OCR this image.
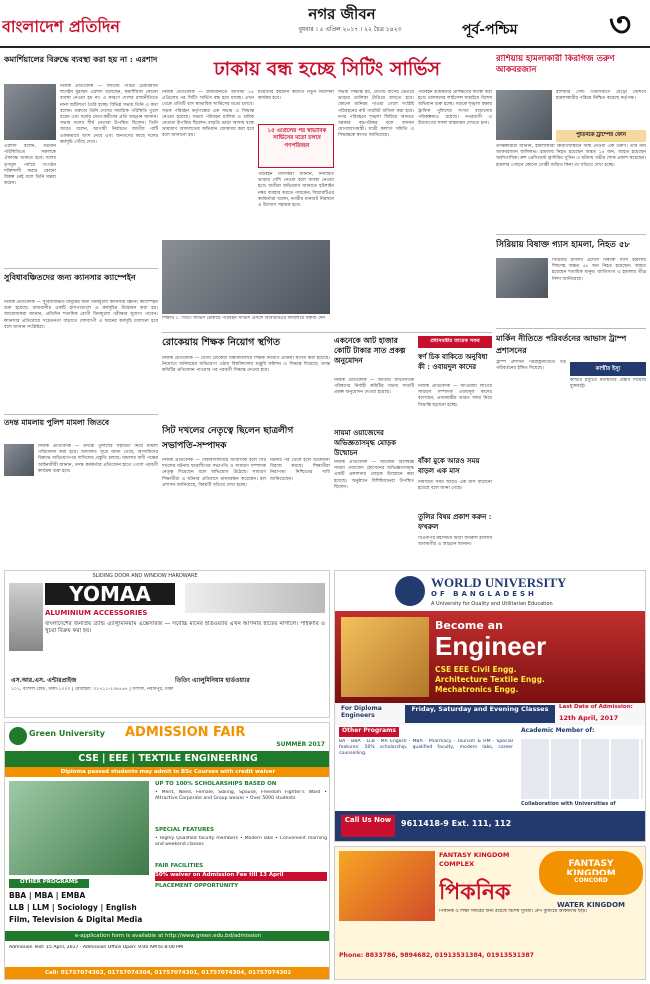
নগর জীবন
বাংলাদেশ প্রতিদিন	বুধবার । ৫ এপ্রিল ২০১৭ । ২২ চৈত্র ১৪২৩	পূর্ব-পশ্চিম	৩
কমার্শিয়ালের বিরুদ্ধে ব্যবস্থা করা হয় না : এরশাদ
নিজস্ব প্রতিবেদক — জাতীয় পার্টির চেয়ারম্যান হুসেইন মুহাম্মদ এরশাদ বলেছেন, কমার্শিয়াল কোনো ব্যবস্থা নেওয়া হয় না। এ কারণে দেশের রাজনীতিতে নানা জটিলতা তৈরি হচ্ছে। বিভিন্ন সভায় তিনি এ কথা বলেন। বক্তব্যে তিনি দেশের সামগ্রিক পরিস্থিতি তুলে ধরেন এবং দলের নেতা-কর্মীদের প্রতি আহ্বান জানান। সভায় দলের শীর্ষ নেতারা উপস্থিত ছিলেন। তিনি আরও বলেন, আগামী নির্বাচনে জাতীয় পার্টি এককভাবে অংশ নেবে এবং জনগণের কাছে দলের কর্মসূচি পৌঁছে দেবে।
এরশাদ বলেন, বর্তমান পরিস্থিতিতে সকলকে ঐক্যবদ্ধ থাকতে হবে। দলের তৃণমূল পর্যায়ে সংগঠন শক্তিশালী করার কোনো বিকল্প নেই বলে তিনি মন্তব্য করেন।
সুবিধাবঞ্চিতদের জন্য ক্যানসার ক্যাম্পেইন
নিজস্ব প্রতিবেদক — সুবিধাবঞ্চিত মানুষের জন্য বিনামূল্যে ক্যানসার স্ক্রিনিং ক্যাম্পেইন শুরু হয়েছে। রাজধানীর একটি হাসপাতালে এ কর্মসূচির উদ্বোধন করা হয়। আয়োজকরা জানান, প্রতিদিন শতাধিক রোগী বিনামূল্যে পরীক্ষার সুযোগ পাবেন। ক্যানসার প্রতিরোধে সচেতনতা বাড়াতে দেশব্যাপী এ ধরনের কর্মসূচি চালানো হবে বলে জানান সংশ্লিষ্টরা।
তদন্ত মামলায় পুলিশ মামলা জিতবে
নিজস্ব প্রতিবেদক — তদন্তে পুলিশের সহায়তা নিয়ে মামলা পরিচালনা করা হবে। আদালত সূত্রে জানা গেছে, আসামিদের বিরুদ্ধে অভিযোগপত্র দাখিলের প্রস্তুতি চলছে। মামলার বাদী পক্ষের আইনজীবী জানান, তদন্ত কর্মকর্তার প্রতিবেদন হাতে পেলে পরবর্তী কার্যক্রম শুরু হবে।
ঢাকায় বন্ধ হচ্ছে সিটিং সার্ভিস
নিজস্ব প্রতিবেদক — রাজধানীতে আগামী ১৫ এপ্রিলের পর সিটিং সার্ভিস বন্ধ হয়ে যাচ্ছে। এখন থেকে প্রতিটি বাস স্বাভাবিক সার্ভিসের মতো চলবে। সড়ক পরিবহন কর্তৃপক্ষের এক সভায় এ সিদ্ধান্ত নেওয়া হয়েছে। সভায় পরিবহন মালিক ও শ্রমিক নেতারা উপস্থিত ছিলেন। বাড়তি ভাড়া আদায় বন্ধে ভ্রাম্যমাণ আদালতের অভিযান জোরদার করা হবে বলে জানানো হয়।
১৫ এপ্রিলের পর স্বাভাবিক সার্ভিসের মতো চলবে গণপরিবহন
যাত্রীদের হয়রানি কমাতে নতুন নির্দেশনা কার্যকর হবে।
পরিবহন মালিকরা জানান, নির্ধারিত ভাড়ার বেশি নেওয়া হলে ব্যবস্থা নেওয়া হবে। যাত্রীরা অভিযোগ জানাতে হটলাইন নম্বর ব্যবহার করতে পারবেন। বিআরটিএর কর্মকর্তারা বলেন, নগরীর যানজট নিরসনে এ উদ্যোগ সহায়ক হবে।
সভায় সিদ্ধান্ত হয়, প্রতিটি বাসের ভেতরে ভাড়ার তালিকা টাঙিয়ে রাখতে হবে। কোনো অনিয়ম পাওয়া গেলে সংশ্লিষ্ট পরিবহনের রুট পারমিট বাতিল করা হবে। নগর পরিবহনে শৃঙ্খলা ফিরিয়ে আনতে সরকার বদ্ধপরিকর বলে জানান যোগাযোগমন্ত্রী। যাত্রী কল্যাণ সমিতি এ সিদ্ধান্তকে স্বাগত জানিয়েছে।
পরিবহন শ্রমিকদের প্রশিক্ষণের ব্যবস্থা করা হবে। চালকদের লাইসেন্স যাচাইয়ে বিশেষ অভিযান শুরু হচ্ছে। সড়কে শৃঙ্খলা রক্ষায় ট্রাফিক পুলিশের সংখ্যা বাড়ানোর পরিকল্পনাও রয়েছে। নগরবাসী এ উদ্যোগের সফল বাস্তবায়ন দেখতে চান।
শিক্ষার্থ ১. সিটিং সার্ভিস চৌকাঠি পরিবহন সার্ভিস প্রসঙ্গে বিআরটিএর কার্যালয়ে বক্তব্য দেন
রোকেয়ায় শিক্ষক নিয়োগ স্থগিত
নিজস্ব প্রতিবেদক — বেগম রোকেয়া বিশ্ববিদ্যালয়ে শিক্ষক নিয়োগ প্রক্রিয়া স্থগিত করা হয়েছে। নিয়োগে অনিয়মের অভিযোগ ওঠায় বিশ্ববিদ্যালয় মঞ্জুরি কমিশন এ সিদ্ধান্ত দিয়েছে। তদন্ত কমিটির প্রতিবেদন পাওয়ার পর পরবর্তী সিদ্ধান্ত নেওয়া হবে।
সিট দখলের নেতৃত্বে ছিলেন ছাত্রলীগ সভাপতি-সম্পাদক
নিজস্ব প্রতিবেদক — বিশ্ববিদ্যালয়ের আবাসিক হলে সিট দখলের ঘটনায় ছাত্রলীগের সভাপতি ও সাধারণ সম্পাদক নেতৃত্ব দিয়েছেন বলে অভিযোগ উঠেছে। সাধারণ শিক্ষার্থীরা এ ঘটনার প্রতিবাদে মানববন্ধন করেছেন। হল প্রশাসন জানিয়েছে, বিষয়টি খতিয়ে দেখা হচ্ছে।
ঘটনার পর থেকে হলে উত্তেজনা বিরাজ করছে। শিক্ষার্থীরা নিরাপত্তা নিশ্চিতের দাবি জানিয়েছেন।
একনেকে আট হাজার কোটি টাকার সাত প্রকল্প অনুমোদন
নিজস্ব প্রতিবেদক — জাতীয় অর্থনৈতিক পরিষদের নির্বাহী কমিটির সভায় সাতটি প্রকল্প অনুমোদন দেওয়া হয়েছে।
সায়মা ওয়াজেদের অভিজ্ঞতাসমৃদ্ধ মোড়ক উন্মোচন
নিজস্ব প্রতিবেদক — অটিজম বিশেষজ্ঞ সায়মা ওয়াজেদ হোসেনের অভিজ্ঞতাসমৃদ্ধ একটি প্রকাশনার মোড়ক উন্মোচন করা হয়েছে। অনুষ্ঠানে বিশিষ্টজনেরা উপস্থিত ছিলেন।
প্রধানমন্ত্রীর তারেক সফর
স্বর্ণ চিক বাকিতে অনুবিধা কী : ওবায়দুল কাদের
নিজস্ব প্রতিবেদক — আওয়ামী লীগের সাধারণ সম্পাদক ওবায়দুল কাদের বলেছেন, প্রধানমন্ত্রীর ভারত সফর নিয়ে বিভ্রান্তি ছড়ানো হচ্ছে।
বাঁকা মুকে আরও সময় বাড়ল এক মাস
নির্ধারিত সময় আরও এক মাস বাড়ানো হয়েছে বলে জানা গেছে।
তুলির বিষয় প্রকাশ করুন : ফখরুল
বিএনপির মহাসচিব মির্জা ফখরুল ইসলাম আলমগীর এ আহ্বান জানান।
রাশিয়ায় হামলাকারী কিরগিজ তরুণ আকবরজান
পুতিনকে ট্রাম্পের ফোন
রাশিয়ার সেন্ট পিটার্সবার্গে মেট্রো স্টেশনে হামলাকারীর পরিচয় নিশ্চিত করেছে কর্তৃপক্ষ।
তদন্তকারীরা জানান, হামলাকারী কিরগিজস্তানে জন্ম নেওয়া এক তরুণ। তার নাম আকবরজান জলিলভ। হামলায় নিহত হয়েছেন অন্তত ১৪ জন, আহত হয়েছেন অর্ধশতাধিক। রুশ প্রেসিডেন্ট ভ্লাদিমির পুতিন এ ঘটনায় গভীর শোক প্রকাশ করেছেন। হামলার পেছনে কোনো গোষ্ঠী জড়িত কিনা তা খতিয়ে দেখা হচ্ছে।
সিরিয়ায় বিষাক্ত গ্যাস হামলা, নিহত ৫৮
সিরিয়ার ইদলিব প্রদেশে বিষাক্ত গ্যাস হামলায় শিশুসহ অন্তত ৫৮ জন নিহত হয়েছেন। আহত হয়েছেন শতাধিক মানুষ। জাতিসংঘ এ হামলার তীব্র নিন্দা জানিয়েছে।
মার্কিন নীতিতে পরিবর্তনের আভাস ট্রাম্প প্রশাসনের
ট্রাম্প প্রশাসন পররাষ্ট্রনীতিতে বড় পরিবর্তনের ইঙ্গিত দিয়েছে।	কাশ্মীর ইস্যু
কাশ্মীর ইস্যুতে মধ্যস্থতার প্রস্তাব দিয়েছে যুক্তরাষ্ট্র।
WORLD UNIVERSITY
OF BANGLADESH
A University for Quality and Utilitarian Education
Become an
Engineer
CSE EEE Civil Engg.
Architecture Textile Engg.
Mechatronics Engg.
For Diploma Engineers
Friday, Saturday and Evening Classes	Last Date of Admission:
12th April, 2017
Other Programs
BA · BBA · LLB · MA English · MBA · Pharmacy · Tourism & HM · Special features: 50% scholarship, qualified faculty, modern labs, career counselling.
Academic Member of:
Collaboration with Universities of
Call Us Now	9611418-9 Ext. 111, 112
SLIDING DOOR AND WINDOW HARDWARE
YOMAA
ALUMINIUM ACCESSORIES
বাংলাদেশের জনপ্রিয় ব্র্যান্ড এ্যালুমিনিয়াম এক্সেসরিজ — সর্বোচ্চ মানের হার্ডওয়্যার এখন আপনার হাতের নাগালে। পাইকারি ও খুচরা বিক্রয় করা হয়।
এস.আর.এস. এন্টারপ্রাইজ	তিতিং এ্যালুমিনিয়াম হার্ডওয়্যার
১০১, বংশাল রোড, ঢাকা-১০০০ | মোবাইল: ০১৭১১-২৩৪৫৬৭ | বংশাল, নবাবপুর, ঢাকা
Green University	ADMISSION FAIR
SUMMER 2017
CSE | EEE | TEXTILE ENGINEERING
Diploma passed students may admit in BSc Courses with credit waiver
UP TO 100% SCHOLARSHIPS BASED ON
• Merit, Need, Female, Sibling, Spouse, Freedom Fighter's Ward • Attractive Corporate and Group waiver • Over 5000 students
SPECIAL FEATURES
• Highly Qualified faculty members • Modern labs • Convenient morning and weekend classes
FAIR FACILITIES
50% waiver on Admission Fee till 13 April
PLACEMENT OPPORTUNITY
OTHER PROGRAMS
BBA | MBA | EMBA
LLB | LLM | Sociology | English
Film, Television & Digital Media
e-application form is available at http://www.green.edu.bd/admission
Admission Test: 15 April, 2017 · Admission Office Open: 9:00 AM to 8:00 PM
Cell: 01757074302, 01757074304, 01757074301, 01757074304, 01757074302
FANTASY KINGDOM COMPLEX
পিকনিক
FANTASY KINGDOM
CONCORD
WATER KINGDOM
পিকনিক ও শিক্ষা সফরের জন্য রয়েছে বিশেষ সুবিধা। গ্রুপ বুকিংয়ে আকর্ষণীয় ছাড়।
Phone: 8833786, 9894682, 01913531384, 01913531387
